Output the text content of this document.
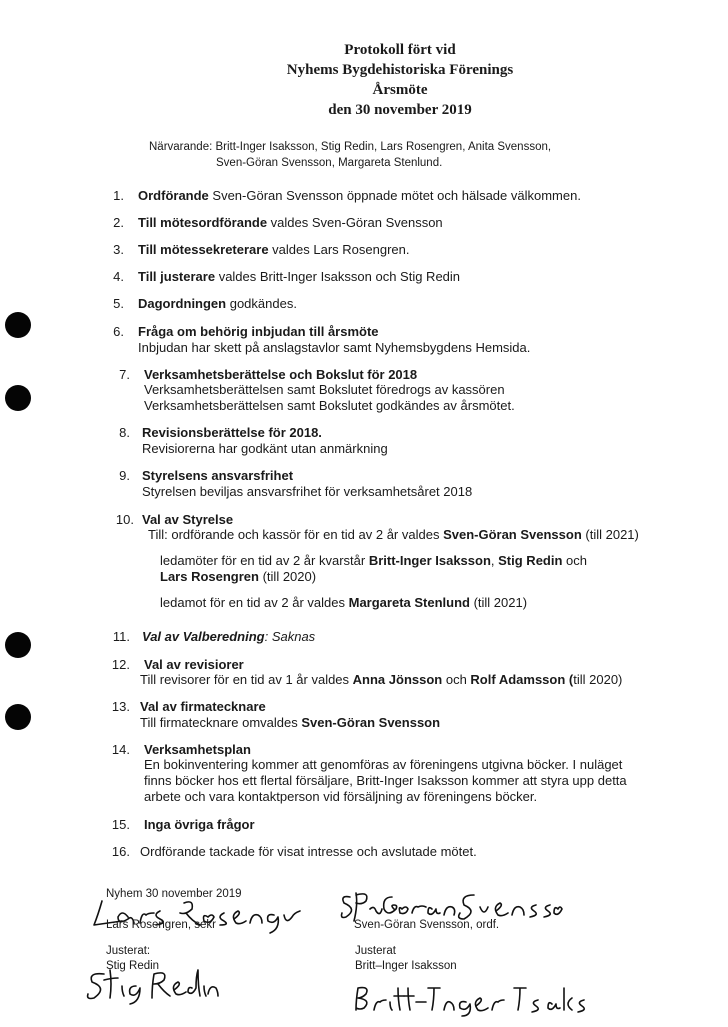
Protokoll fört vid
Nyhems Bygdehistoriska Förenings
Årsmöte
den 30 november 2019
Närvarande: Britt-Inger Isaksson, Stig Redin, Lars Rosengren, Anita Svensson,
Sven-Göran Svensson, Margareta Stenlund.
1. Ordförande Sven-Göran Svensson öppnade mötet och hälsade välkommen.
2. Till mötesordförande valdes Sven-Göran Svensson
3. Till mötessekreterare valdes Lars Rosengren.
4. Till justerare valdes Britt-Inger Isaksson och Stig Redin
5. Dagordningen godkändes.
6. Fråga om behörig inbjudan till årsmöte
Inbjudan har skett på anslagstavlor samt Nyhemsbygdens Hemsida.
7. Verksamhetsberättelse och Bokslut för 2018
Verksamhetsberättelsen samt Bokslutet föredrogs av kassören
Verksamhetsberättelsen samt Bokslutet godkändes av årsmötet.
8. Revisionsberättelse för 2018.
Revisiorerna har godkänt utan anmärkning
9. Styrelsens ansvarsfrihet
Styrelsen beviljas ansvarsfrihet för verksamhetsåret 2018
10. Val av Styrelse
Till: ordförande och kassör för en tid av 2 år valdes Sven-Göran Svensson (till 2021)
ledamöter för en tid av 2 år kvarstår Britt-Inger Isaksson, Stig Redin och
Lars Rosengren (till 2020)
ledamot för en tid av 2 år valdes Margareta Stenlund (till 2021)
11. Val av Valberedning: Saknas
12. Val av revisiorer
Till revisorer för en tid av 1 år valdes Anna Jönsson och Rolf Adamsson (till 2020)
13. Val av firmatecknare
Till firmatecknare omvaldes Sven-Göran Svensson
14. Verksamhetsplan
En bokinventering kommer att genomföras av föreningens utgivna böcker. I nuläget
finns böcker hos ett flertal försäljare, Britt-Inger Isaksson kommer att styra upp detta
arbete och vara kontaktperson vid försäljning av föreningens böcker.
15. Inga övriga frågor
16. Ordförande tackade för visat intresse och avslutade mötet.
Nyhem 30 november 2019
Lars Rosengren, sekr	Sven-Göran Svensson, ordf.
Justerat:
Stig Redin
Justerat
Britt–Inger Isaksson
